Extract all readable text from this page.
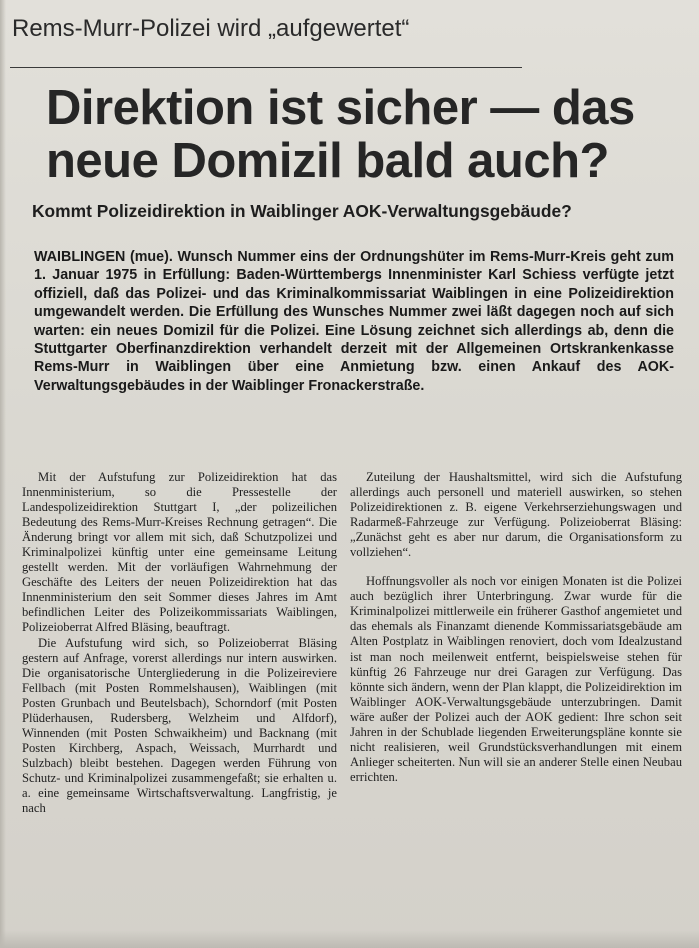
Rems-Murr-Polizei wird „aufgewertet“
Direktion ist sicher — das
neue Domizil bald auch?
Kommt Polizeidirektion in Waiblinger AOK-Verwaltungsgebäude?
WAIBLINGEN (mue). Wunsch Nummer eins der Ordnungshüter im Rems-Murr-Kreis geht zum 1. Januar 1975 in Erfüllung: Baden-Württembergs Innenminister Karl Schiess verfügte jetzt offiziell, daß das Polizei- und das Kriminalkommissariat Waiblingen in eine Polizeidirektion umgewandelt werden. Die Erfüllung des Wunsches Nummer zwei läßt dagegen noch auf sich warten: ein neues Domizil für die Polizei. Eine Lösung zeichnet sich allerdings ab, denn die Stuttgarter Oberfinanzdirektion verhandelt derzeit mit der Allgemeinen Ortskrankenkasse Rems-Murr in Waiblingen über eine Anmietung bzw. einen Ankauf des AOK-Verwaltungsgebäudes in der Waiblinger Fronackerstraße.

Mit der Aufstufung zur Polizeidirektion hat das Innenministerium, so die Pressestelle der Landespolizeidirektion Stuttgart I, „der polizeilichen Bedeutung des Rems-Murr-Kreises Rechnung getragen“. Die Änderung bringt vor allem mit sich, daß Schutzpolizei und Kriminalpolizei künftig unter eine gemeinsame Leitung gestellt werden. Mit der vorläufigen Wahrnehmung der Geschäfte des Leiters der neuen Polizeidirektion hat das Innenministerium den seit Sommer dieses Jahres im Amt befindlichen Leiter des Polizeikommissariats Waiblingen, Polizeioberrat Alfred Bläsing, beauftragt.

Die Aufstufung wird sich, so Polizeioberrat Bläsing gestern auf Anfrage, vorerst allerdings nur intern auswirken. Die organisatorische Untergliederung in die Polizeireviere Fellbach (mit Posten Rommelshausen), Waiblingen (mit Posten Grunbach und Beutelsbach), Schorndorf (mit Posten Plüderhausen, Rudersberg, Welzheim und Alfdorf), Winnenden (mit Posten Schwaikheim) und Backnang (mit Posten Kirchberg, Aspach, Weissach, Murrhardt und Sulzbach) bleibt bestehen. Dagegen werden Führung von Schutz- und Kriminalpolizei zusammengefaßt; sie erhalten u. a. eine gemeinsame Wirtschaftsverwaltung. Langfristig, je nach

Zuteilung der Haushaltsmittel, wird sich die Aufstufung allerdings auch personell und materiell auswirken, so stehen Polizeidirektionen z. B. eigene Verkehrserziehungswagen und Radarmeß-Fahrzeuge zur Verfügung. Polizeioberrat Bläsing: „Zunächst geht es aber nur darum, die Organisationsform zu vollziehen“.

Hoffnungsvoller als noch vor einigen Monaten ist die Polizei auch bezüglich ihrer Unterbringung. Zwar wurde für die Kriminalpolizei mittlerweile ein früherer Gasthof angemietet und das ehemals als Finanzamt dienende Kommissariatsgebäude am Alten Postplatz in Waiblingen renoviert, doch vom Idealzustand ist man noch meilenweit entfernt, beispielsweise stehen für künftig 26 Fahrzeuge nur drei Garagen zur Verfügung. Das könnte sich ändern, wenn der Plan klappt, die Polizeidirektion im Waiblinger AOK-Verwaltungsgebäude unterzubringen. Damit wäre außer der Polizei auch der AOK gedient: Ihre schon seit Jahren in der Schublade liegenden Erweiterungspläne konnte sie nicht realisieren, weil Grundstücksverhandlungen mit einem Anlieger scheiterten. Nun will sie an anderer Stelle einen Neubau errichten.
